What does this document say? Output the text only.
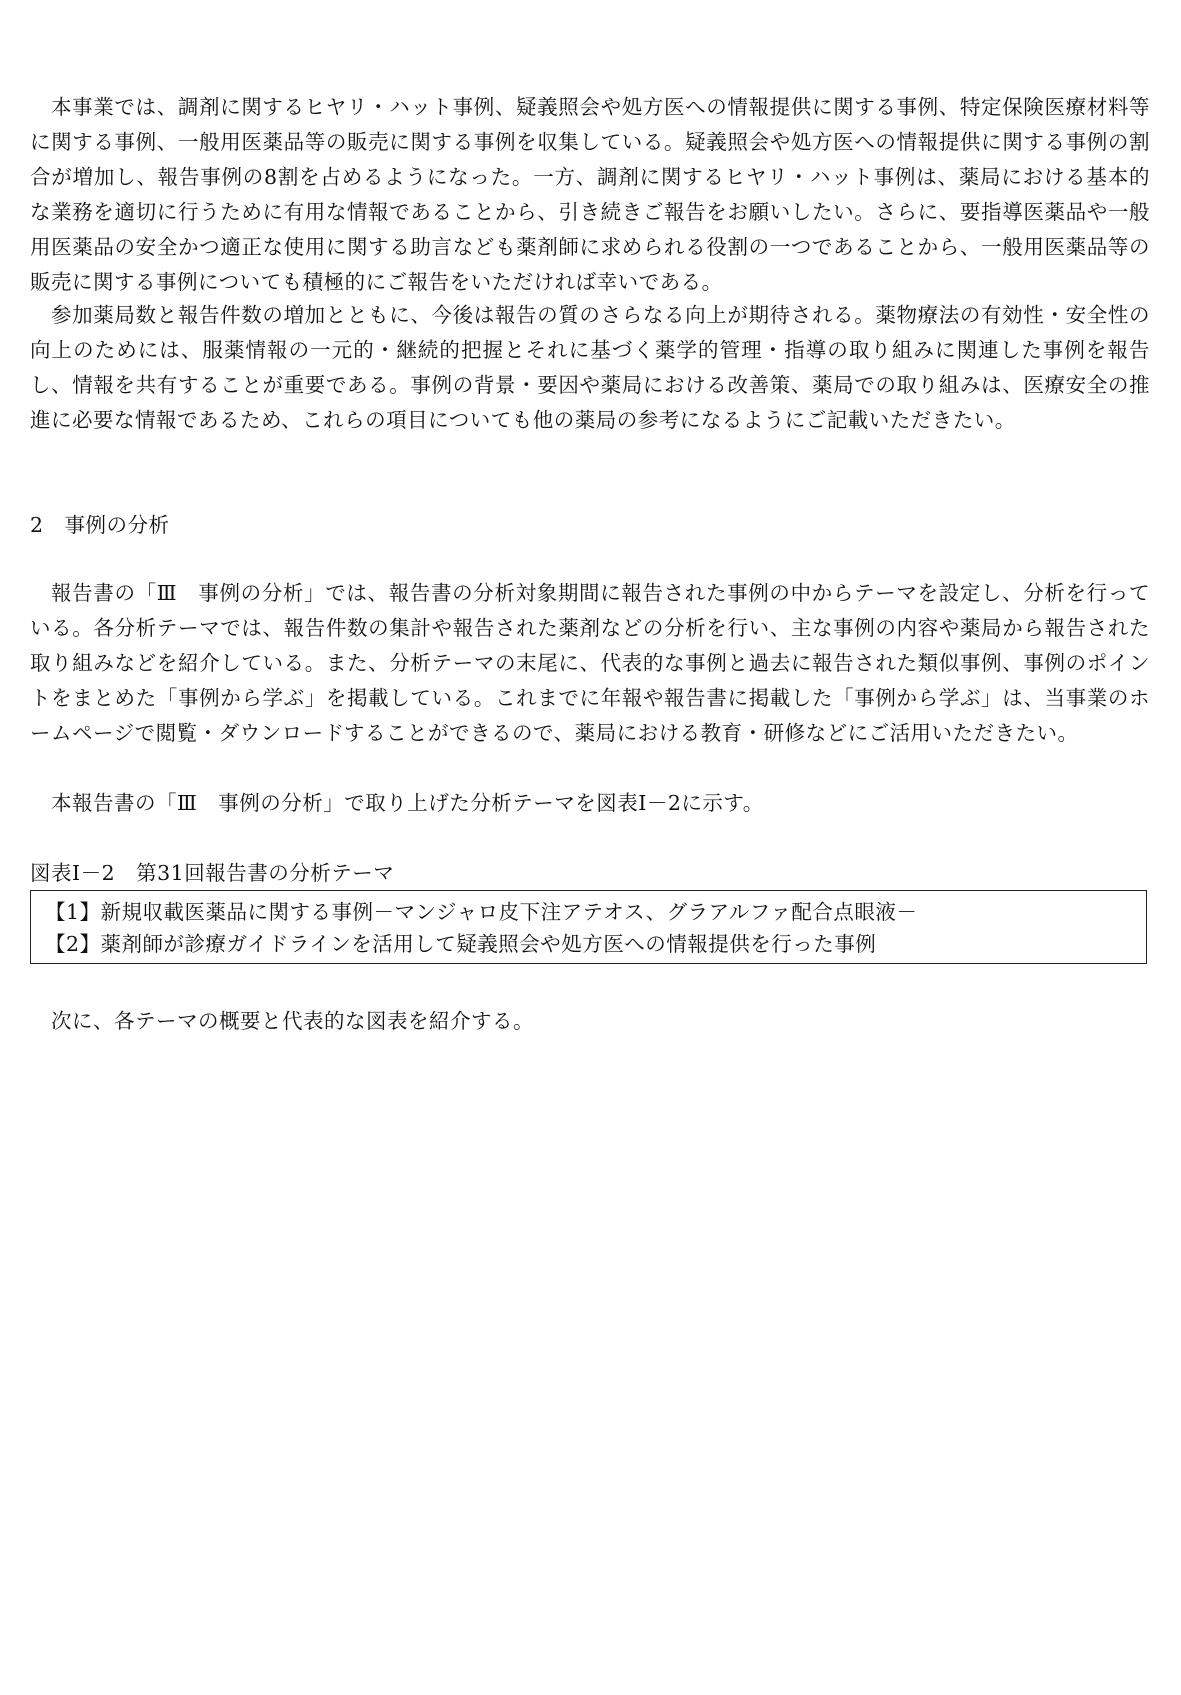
本事業では、調剤に関するヒヤリ・ハット事例、疑義照会や処方医への情報提供に関する事例、特定保険医療材料等に関する事例、一般用医薬品等の販売に関する事例を収集している。疑義照会や処方医への情報提供に関する事例の割合が増加し、報告事例の8割を占めるようになった。一方、調剤に関するヒヤリ・ハット事例は、薬局における基本的な業務を適切に行うために有用な情報であることから、引き続きご報告をお願いしたい。さらに、要指導医薬品や一般用医薬品の安全かつ適正な使用に関する助言なども薬剤師に求められる役割の一つであることから、一般用医薬品等の販売に関する事例についても積極的にご報告をいただければ幸いである。

参加薬局数と報告件数の増加とともに、今後は報告の質のさらなる向上が期待される。薬物療法の有効性・安全性の向上のためには、服薬情報の一元的・継続的把握とそれに基づく薬学的管理・指導の取り組みに関連した事例を報告し、情報を共有することが重要である。事例の背景・要因や薬局における改善策、薬局での取り組みは、医療安全の推進に必要な情報であるため、これらの項目についても他の薬局の参考になるようにご記載いただきたい。

2　事例の分析

報告書の「Ⅲ　事例の分析」では、報告書の分析対象期間に報告された事例の中からテーマを設定し、分析を行っている。各分析テーマでは、報告件数の集計や報告された薬剤などの分析を行い、主な事例の内容や薬局から報告された取り組みなどを紹介している。また、分析テーマの末尾に、代表的な事例と過去に報告された類似事例、事例のポイントをまとめた「事例から学ぶ」を掲載している。これまでに年報や報告書に掲載した「事例から学ぶ」は、当事業のホームページで閲覧・ダウンロードすることができるので、薬局における教育・研修などにご活用いただきたい。

本報告書の「Ⅲ　事例の分析」で取り上げた分析テーマを図表Ⅰ－2に示す。

図表Ⅰ－2　第31回報告書の分析テーマ

【1】新規収載医薬品に関する事例－マンジャロ皮下注アテオス、グラアルファ配合点眼液－
【2】薬剤師が診療ガイドラインを活用して疑義照会や処方医への情報提供を行った事例

次に、各テーマの概要と代表的な図表を紹介する。
